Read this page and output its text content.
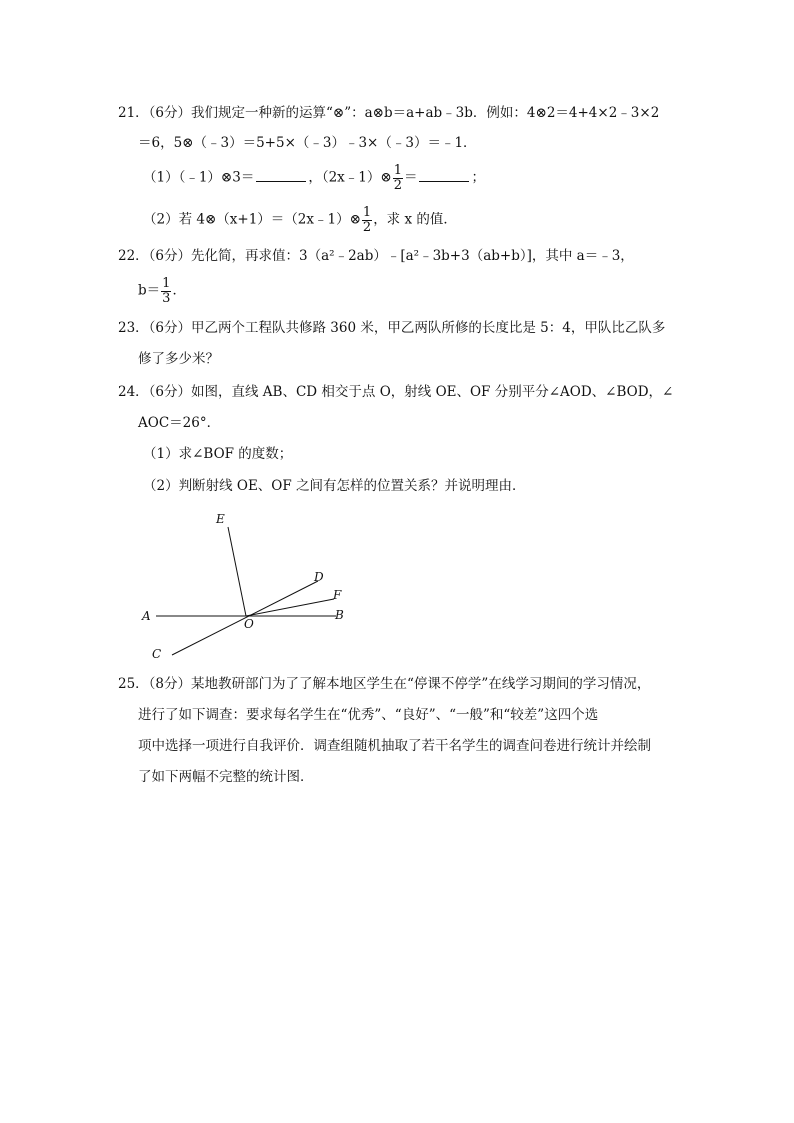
21．（6分）我们规定一种新的运算“⊗”：a⊗b＝a+ab﹣3b．例如：4⊗2＝4+4×2﹣3×2
＝6，5⊗（﹣3）＝5+5×（﹣3）﹣3×（﹣3）＝﹣1．
（1）（﹣1）⊗3＝	，（2x﹣1）⊗ $\frac{1}{2}$ ＝	；
（2）若 4⊗（x+1）＝（2x﹣1）⊗ $\frac{1}{2}$ ，求 x 的值．
22．（6分）先化简，再求值：3（a²﹣2ab）﹣[a²﹣3b+3（ab+b）]，其中 a＝﹣3，
$b= \frac{1}{3}$ ．
23．（6分）甲乙两个工程队共修路 360 米，甲乙两队所修的长度比是 5：4，甲队比乙队多
修了多少米？
24．（6分）如图，直线 AB、CD 相交于点 O，射线 OE、OF 分别平分∠AOD、∠BOD，∠
AOC＝26°．
（1）求∠BOF 的度数；
（2）判断射线 OE、OF 之间有怎样的位置关系？并说明理由．
E
D
F
A	B
O
C
25．（8分）某地教研部门为了了解本地区学生在“停课不停学”在线学习期间的学习情况，
进行了如下调查：要求每名学生在“优秀”、“良好”、“一般”和“较差”这四个选
项中选择一项进行自我评价．调查组随机抽取了若干名学生的调查问卷进行统计并绘制
了如下两幅不完整的统计图．
